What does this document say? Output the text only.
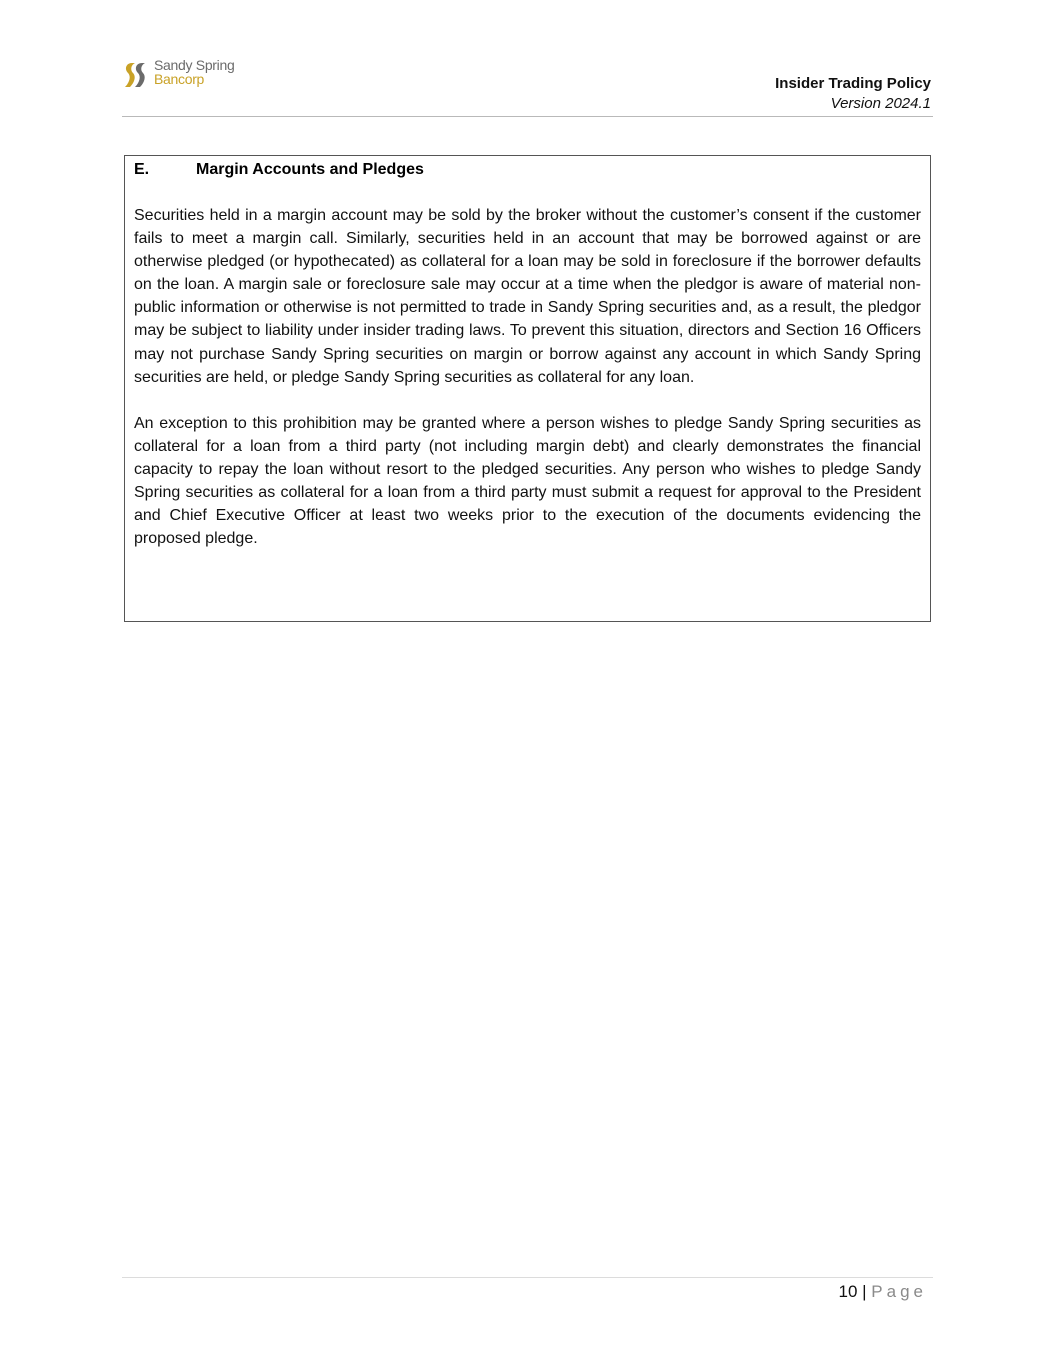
Sandy Spring
Bancorp	Insider Trading Policy
Version 2024.1

E.	Margin Accounts and Pledges

Securities held in a margin account may be sold by the broker without the customer’s consent if the customer fails to meet a margin call. Similarly, securities held in an account that may be borrowed against or are otherwise pledged (or hypothecated) as collateral for a loan may be sold in foreclosure if the borrower defaults on the loan. A margin sale or foreclosure sale may occur at a time when the pledgor is aware of material non-public information or otherwise is not permitted to trade in Sandy Spring securities and, as a result, the pledgor may be subject to liability under insider trading laws. To prevent this situation, directors and Section 16 Officers may not purchase Sandy Spring securities on margin or borrow against any account in which Sandy Spring securities are held, or pledge Sandy Spring securities as collateral for any loan.

An exception to this prohibition may be granted where a person wishes to pledge Sandy Spring securities as collateral for a loan from a third party (not including margin debt) and clearly demonstrates the financial capacity to repay the loan without resort to the pledged securities. Any person who wishes to pledge Sandy Spring securities as collateral for a loan from a third party must submit a request for approval to the President and Chief Executive Officer at least two weeks prior to the execution of the documents evidencing the proposed pledge.

10 | Page
